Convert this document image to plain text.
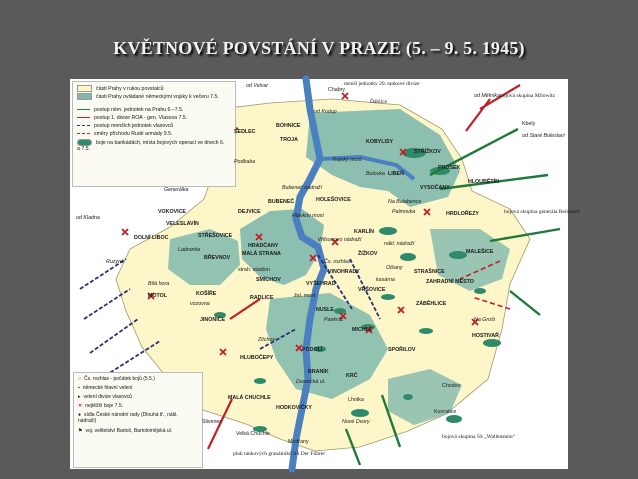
KVĚTNOVÉ POVSTÁNÍ V PRAZE (5. – 9. 5. 1945)
části Prahy v rukou povstalců
části Prahy ovládané německými vojsky k večeru 7.5.
postup něm. jednotek na Prahu 6.–7.5.
postup 1. divize ROA - gen. Vlasova 7.5.
postup menších jednotek vlasovců
směry příchodu Rudé armády 9.5.
boje na barikádách, místa bojových operací ve dnech 6. a 7.5.
○ Čs. rozhlas - počátek bojů (5.5.)
▪ německé hlavní velení
▸ velení divize vlasovců
✕ nejtěžší boje 7.5.
● sídla České národní rady (Dlouhá tř., nákl. nádraží)
⚑ voj. velitelství Bartoš, Bartolomějská ul.
menší jednotky 20. tankové divize
Ďáblice
bojová skupina Milowitz
bojová skupina generála Reinhard
bojová skupina SS „Wallenstein“
pluk tankových granátníků SS Der Führer
Kbely
od Kladna
od Mělníka
od Velvar
od Staré Boleslavi
od Kralup
Chabry
BOHNICE
SEDLEC
TROJA
Podbaba
KOBYLISY
STŘÍŽKOV
PROSEK
VYSOČANY
LIBEŇ
Bulovka
Trojský most
HLOUBĚTÍN
HRDLOŘEZY
Na Balabence
Palmovka
HOLEŠOVICE
BUBENEČ
Bubeneč nádraží
Hlávkův most
DEJVICE
Generálka
VOKOVICE
VELESLAVÍN
DOLNÍ LIBOC
Ruzyně
STŘEŠOVICE
HRADČANY
MALÁ STRANA
Ladronka
BŘEVNOV
strah. stadion
KARLÍN
Wilsonovo nádraží
ŽIŽKOV
nákl. nádraží
Olšany
STRAŠNICE
MALEŠICE
Čs. rozhlas
VINOHRADY
kasárna
VRŠOVICE
SMÍCHOV
Bílá hora
MOTOL	KOŠÍŘE
vozovna
RADLICE	žel. most
VYŠEHRAD
NUSLE
Pankrác
MICHLE
ZAHRADNÍ MĚSTO
ZÁBĚHLICE
Na Groši
HOSTIVAŘ
SPOŘILOV
JINONICE
Zlíchov
HLUBOČEPY
PODOLÍ
BRANÍK
Dvorecká ul.
KRČ
Chodov
Lhotka
Kunratice
Nové Dvory
MALÁ CHUCHLE
HODKOVIČKY
Velká Chuchle
Modřany
Slivenec
